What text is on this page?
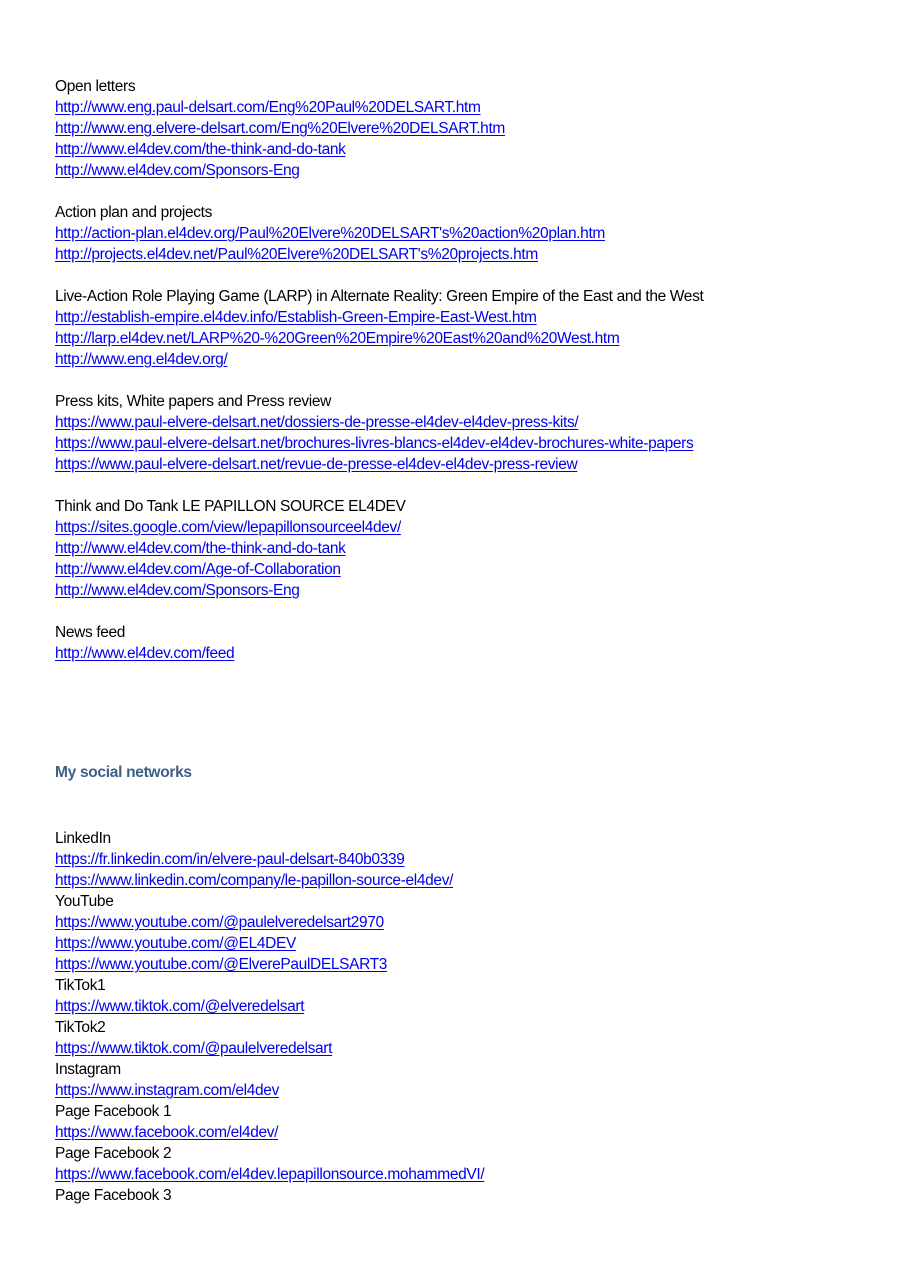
Open letters
http://www.eng.paul-delsart.com/Eng%20Paul%20DELSART.htm
http://www.eng.elvere-delsart.com/Eng%20Elvere%20DELSART.htm
http://www.el4dev.com/the-think-and-do-tank
http://www.el4dev.com/Sponsors-Eng
Action plan and projects
http://action-plan.el4dev.org/Paul%20Elvere%20DELSART's%20action%20plan.htm
http://projects.el4dev.net/Paul%20Elvere%20DELSART's%20projects.htm
Live-Action Role Playing Game (LARP) in Alternate Reality: Green Empire of the East and the West
http://establish-empire.el4dev.info/Establish-Green-Empire-East-West.htm
http://larp.el4dev.net/LARP%20-%20Green%20Empire%20East%20and%20West.htm
http://www.eng.el4dev.org/
Press kits, White papers and Press review
https://www.paul-elvere-delsart.net/dossiers-de-presse-el4dev-el4dev-press-kits/
https://www.paul-elvere-delsart.net/brochures-livres-blancs-el4dev-el4dev-brochures-white-papers
https://www.paul-elvere-delsart.net/revue-de-presse-el4dev-el4dev-press-review
Think and Do Tank LE PAPILLON SOURCE EL4DEV
https://sites.google.com/view/lepapillonsourceel4dev/
http://www.el4dev.com/the-think-and-do-tank
http://www.el4dev.com/Age-of-Collaboration
http://www.el4dev.com/Sponsors-Eng
News feed
http://www.el4dev.com/feed
My social networks
LinkedIn
https://fr.linkedin.com/in/elvere-paul-delsart-840b0339
https://www.linkedin.com/company/le-papillon-source-el4dev/
YouTube
https://www.youtube.com/@paulelveredelsart2970
https://www.youtube.com/@EL4DEV
https://www.youtube.com/@ElverePaulDELSART3
TikTok1
https://www.tiktok.com/@elveredelsart
TikTok2
https://www.tiktok.com/@paulelveredelsart
Instagram
https://www.instagram.com/el4dev
Page Facebook 1
https://www.facebook.com/el4dev/
Page Facebook 2
https://www.facebook.com/el4dev.lepapillonsource.mohammedVI/
Page Facebook 3
